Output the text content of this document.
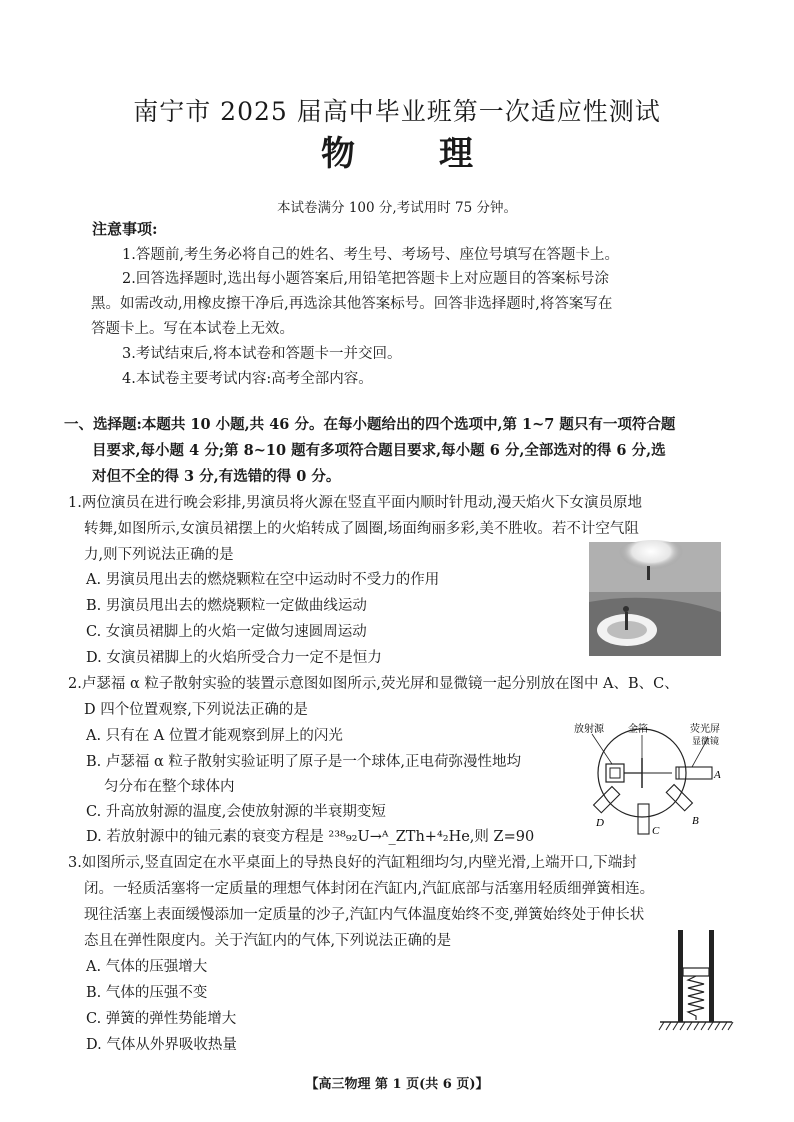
南宁市 2025 届高中毕业班第一次适应性测试
物 理
本试卷满分 100 分,考试用时 75 分钟。
注意事项:
1.答题前,考生务必将自己的姓名、考生号、考场号、座位号填写在答题卡上。
2.回答选择题时,选出每小题答案后,用铅笔把答题卡上对应题目的答案标号涂
黑。如需改动,用橡皮擦干净后,再选涂其他答案标号。回答非选择题时,将答案写在
答题卡上。写在本试卷上无效。
3.考试结束后,将本试卷和答题卡一并交回。
4.本试卷主要考试内容:高考全部内容。
一、选择题:本题共 10 小题,共 46 分。在每小题给出的四个选项中,第 1~7 题只有一项符合题
目要求,每小题 4 分;第 8~10 题有多项符合题目要求,每小题 6 分,全部选对的得 6 分,选
对但不全的得 3 分,有选错的得 0 分。
1.两位演员在进行晚会彩排,男演员将火源在竖直平面内顺时针甩动,漫天焰火下女演员原地
转舞,如图所示,女演员裙摆上的火焰转成了圆圈,场面绚丽多彩,美不胜收。若不计空气阻
力,则下列说法正确的是
A. 男演员甩出去的燃烧颗粒在空中运动时不受力的作用
B. 男演员甩出去的燃烧颗粒一定做曲线运动
C. 女演员裙脚上的火焰一定做匀速圆周运动
D. 女演员裙脚上的火焰所受合力一定不是恒力
2.卢瑟福 α 粒子散射实验的装置示意图如图所示,荧光屏和显微镜一起分别放在图中 A、B、C、
D 四个位置观察,下列说法正确的是
A. 只有在 A 位置才能观察到屏上的闪光
B. 卢瑟福 α 粒子散射实验证明了原子是一个球体,正电荷弥漫性地均
匀分布在整个球体内
C. 升高放射源的温度,会使放射源的半衰期变短
D. 若放射源中的铀元素的衰变方程是 ²³⁸₉₂U→ᴬ_ZTh+⁴₂He,则 Z=90
放射源 金箔	荧光屏
显微镜
A
B
C
D
3.如图所示,竖直固定在水平桌面上的导热良好的汽缸粗细均匀,内壁光滑,上端开口,下端封
闭。一轻质活塞将一定质量的理想气体封闭在汽缸内,汽缸底部与活塞用轻质细弹簧相连。
现往活塞上表面缓慢添加一定质量的沙子,汽缸内气体温度始终不变,弹簧始终处于伸长状
态且在弹性限度内。关于汽缸内的气体,下列说法正确的是
A. 气体的压强增大
B. 气体的压强不变
C. 弹簧的弹性势能增大
D. 气体从外界吸收热量
【高三物理 第 1 页(共 6 页)】
